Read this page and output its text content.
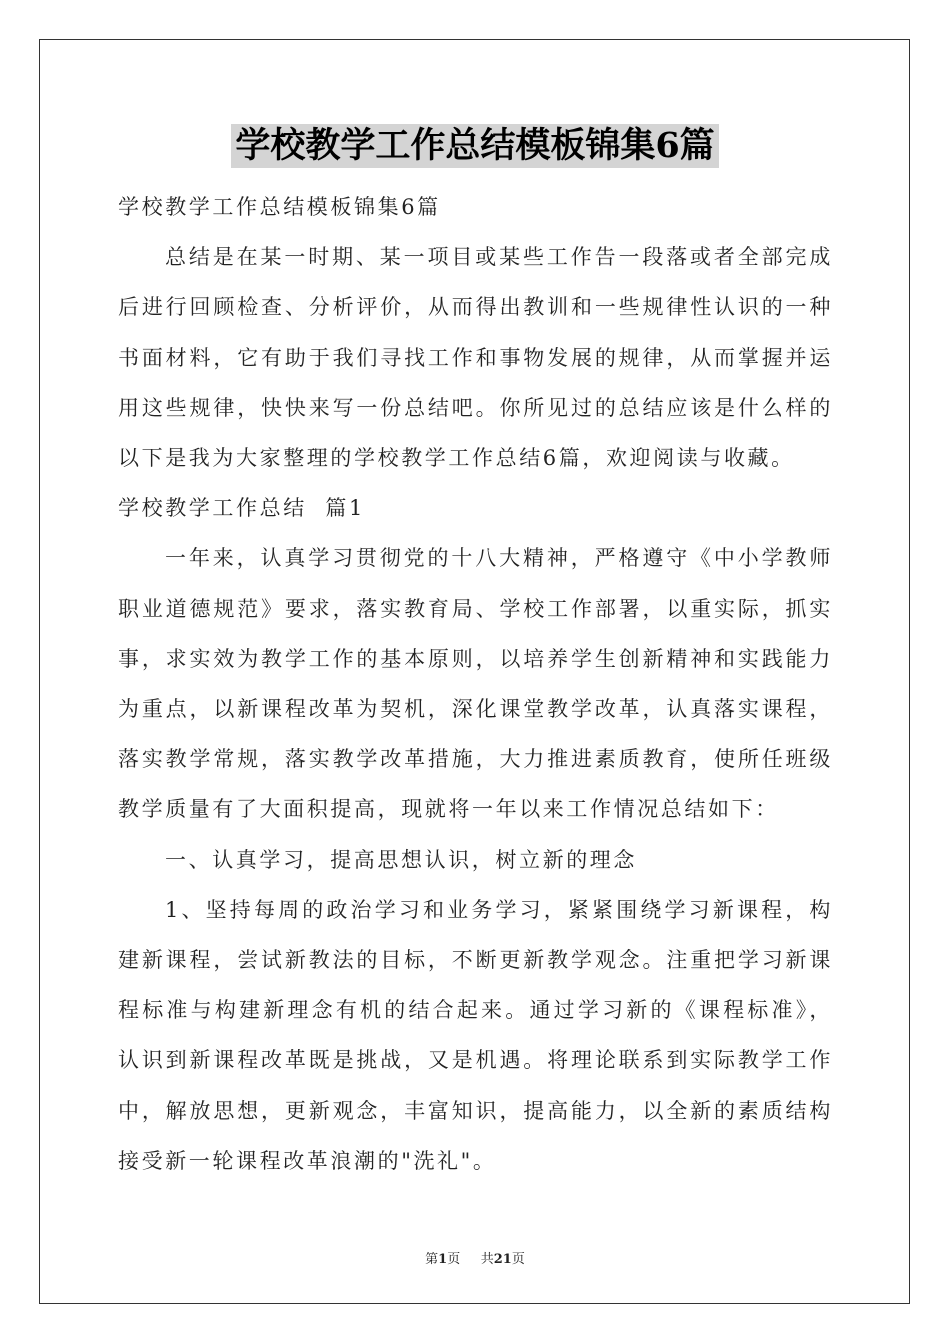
学校教学工作总结模板锦集6篇

学校教学工作总结模板锦集6篇

总结是在某一时期、某一项目或某些工作告一段落或者全部完成后进行回顾检查、分析评价，从而得出教训和一些规律性认识的一种书面材料，它有助于我们寻找工作和事物发展的规律，从而掌握并运用这些规律，快快来写一份总结吧。你所见过的总结应该是什么样的以下是我为大家整理的学校教学工作总结6篇，欢迎阅读与收藏。

学校教学工作总结  篇1

一年来，认真学习贯彻党的十八大精神，严格遵守《中小学教师职业道德规范》要求，落实教育局、学校工作部署，以重实际，抓实事，求实效为教学工作的基本原则，以培养学生创新精神和实践能力为重点，以新课程改革为契机，深化课堂教学改革，认真落实课程，落实教学常规，落实教学改革措施，大力推进素质教育，使所任班级教学质量有了大面积提高，现就将一年以来工作情况总结如下：

一、认真学习，提高思想认识，树立新的理念

1、坚持每周的政治学习和业务学习，紧紧围绕学习新课程，构建新课程，尝试新教法的目标，不断更新教学观念。注重把学习新课程标准与构建新理念有机的结合起来。通过学习新的《课程标准》，认识到新课程改革既是挑战，又是机遇。将理论联系到实际教学工作中，解放思想，更新观念，丰富知识，提高能力，以全新的素质结构接受新一轮课程改革浪潮的"洗礼"。

第1页 共21页
